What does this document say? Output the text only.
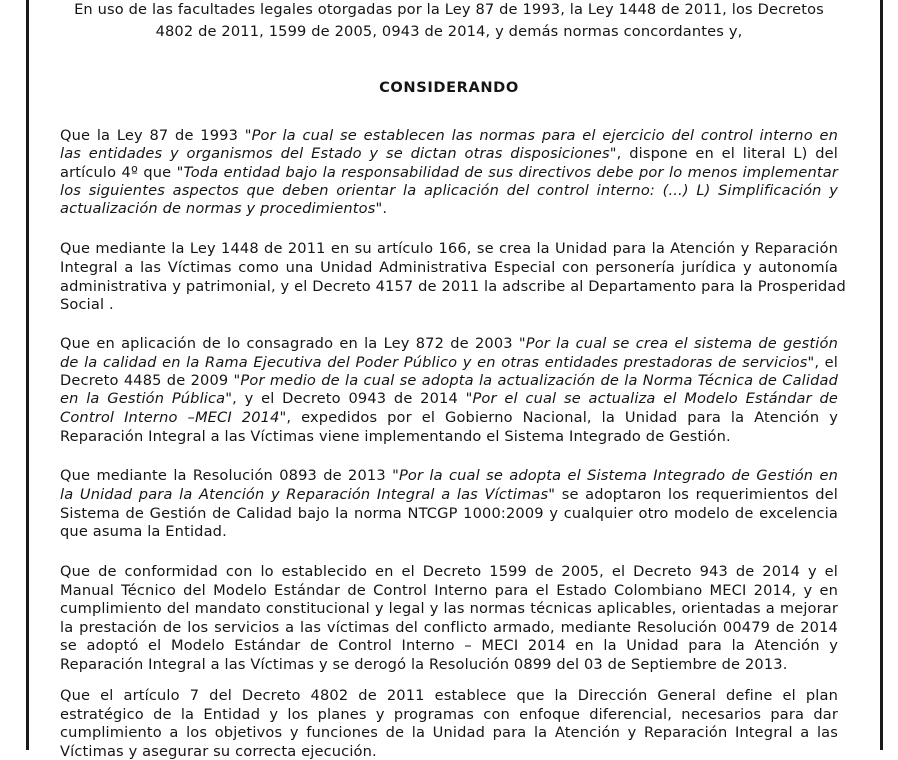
En uso de las facultades legales otorgadas por la Ley 87 de 1993, la Ley 1448 de 2011, los Decretos
4802 de 2011, 1599 de 2005, 0943 de 2014, y demás normas concordantes y,
CONSIDERANDO
Que la Ley 87 de 1993 "Por la cual se establecen las normas para el ejercicio del control interno en
las entidades y organismos del Estado y se dictan otras disposiciones", dispone en el literal L) del
artículo 4º que "Toda entidad bajo la responsabilidad de sus directivos debe por lo menos implementar
los siguientes aspectos que deben orientar la aplicación del control interno: (...) L) Simplificación y
actualización de normas y procedimientos".
Que mediante la Ley 1448 de 2011 en su artículo 166, se crea la Unidad para la Atención y Reparación
Integral a las Víctimas como una Unidad Administrativa Especial con personería jurídica y autonomía
administrativa y patrimonial, y el Decreto 4157 de 2011 la adscribe al Departamento para la Prosperidad
Social .
Que en aplicación de lo consagrado en la Ley 872 de 2003 "Por la cual se crea el sistema de gestión
de la calidad en la Rama Ejecutiva del Poder Público y en otras entidades prestadoras de servicios", el
Decreto 4485 de 2009 "Por medio de la cual se adopta la actualización de la Norma Técnica de Calidad
en la Gestión Pública", y el Decreto 0943 de 2014 "Por el cual se actualiza el Modelo Estándar de
Control Interno –MECI 2014", expedidos por el Gobierno Nacional, la Unidad para la Atención y
Reparación Integral a las Víctimas viene implementando el Sistema Integrado de Gestión.
Que mediante la Resolución 0893 de 2013 "Por la cual se adopta el Sistema Integrado de Gestión en
la Unidad para la Atención y Reparación Integral a las Víctimas" se adoptaron los requerimientos del
Sistema de Gestión de Calidad bajo la norma NTCGP 1000:2009 y cualquier otro modelo de excelencia
que asuma la Entidad.
Que de conformidad con lo establecido en el Decreto 1599 de 2005, el Decreto 943 de 2014 y el
Manual Técnico del Modelo Estándar de Control Interno para el Estado Colombiano MECI 2014, y en
cumplimiento del mandato constitucional y legal y las normas técnicas aplicables, orientadas a mejorar
la prestación de los servicios a las víctimas del conflicto armado, mediante Resolución 00479 de 2014
se adoptó el Modelo Estándar de Control Interno – MECI 2014 en la Unidad para la Atención y
Reparación Integral a las Víctimas y se derogó la Resolución 0899 del 03 de Septiembre de 2013.
Que el artículo 7 del Decreto 4802 de 2011 establece que la Dirección General define el plan
estratégico de la Entidad y los planes y programas con enfoque diferencial, necesarios para dar
cumplimiento a los objetivos y funciones de la Unidad para la Atención y Reparación Integral a las
Víctimas y asegurar su correcta ejecución.
